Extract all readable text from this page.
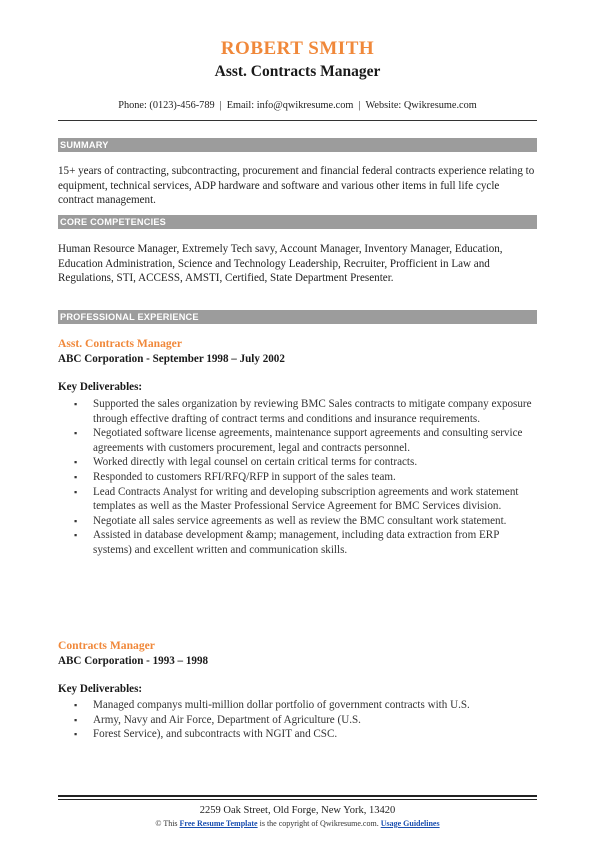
ROBERT SMITH
Asst. Contracts Manager
Phone: (0123)-456-789 | Email: info@qwikresume.com | Website: Qwikresume.com
SUMMARY
15+ years of contracting, subcontracting, procurement and financial federal contracts experience relating to equipment, technical services, ADP hardware and software and various other items in full life cycle contract management.
CORE COMPETENCIES
Human Resource Manager, Extremely Tech savy, Account Manager, Inventory Manager, Education, Education Administration, Science and Technology Leadership, Recruiter, Profficient in Law and Regulations, STI, ACCESS, AMSTI, Certified, State Department Presenter.
PROFESSIONAL EXPERIENCE
Asst. Contracts Manager
ABC Corporation - September 1998 – July 2002
Key Deliverables:
▪ Supported the sales organization by reviewing BMC Sales contracts to mitigate company exposure through effective drafting of contract terms and conditions and insurance requirements.
▪ Negotiated software license agreements, maintenance support agreements and consulting service agreements with customers procurement, legal and contracts personnel.
▪ Worked directly with legal counsel on certain critical terms for contracts.
▪ Responded to customers RFI/RFQ/RFP in support of the sales team.
▪ Lead Contracts Analyst for writing and developing subscription agreements and work statement templates as well as the Master Professional Service Agreement for BMC Services division.
▪ Negotiate all sales service agreements as well as review the BMC consultant work statement.
▪ Assisted in database development &amp; management, including data extraction from ERP systems) and excellent written and communication skills.
Contracts Manager
ABC Corporation - 1993 – 1998
Key Deliverables:
▪ Managed companys multi-million dollar portfolio of government contracts with U.S.
▪ Army, Navy and Air Force, Department of Agriculture (U.S.
▪ Forest Service), and subcontracts with NGIT and CSC.
2259 Oak Street, Old Forge, New York, 13420
© This Free Resume Template is the copyright of Qwikresume.com. Usage Guidelines
